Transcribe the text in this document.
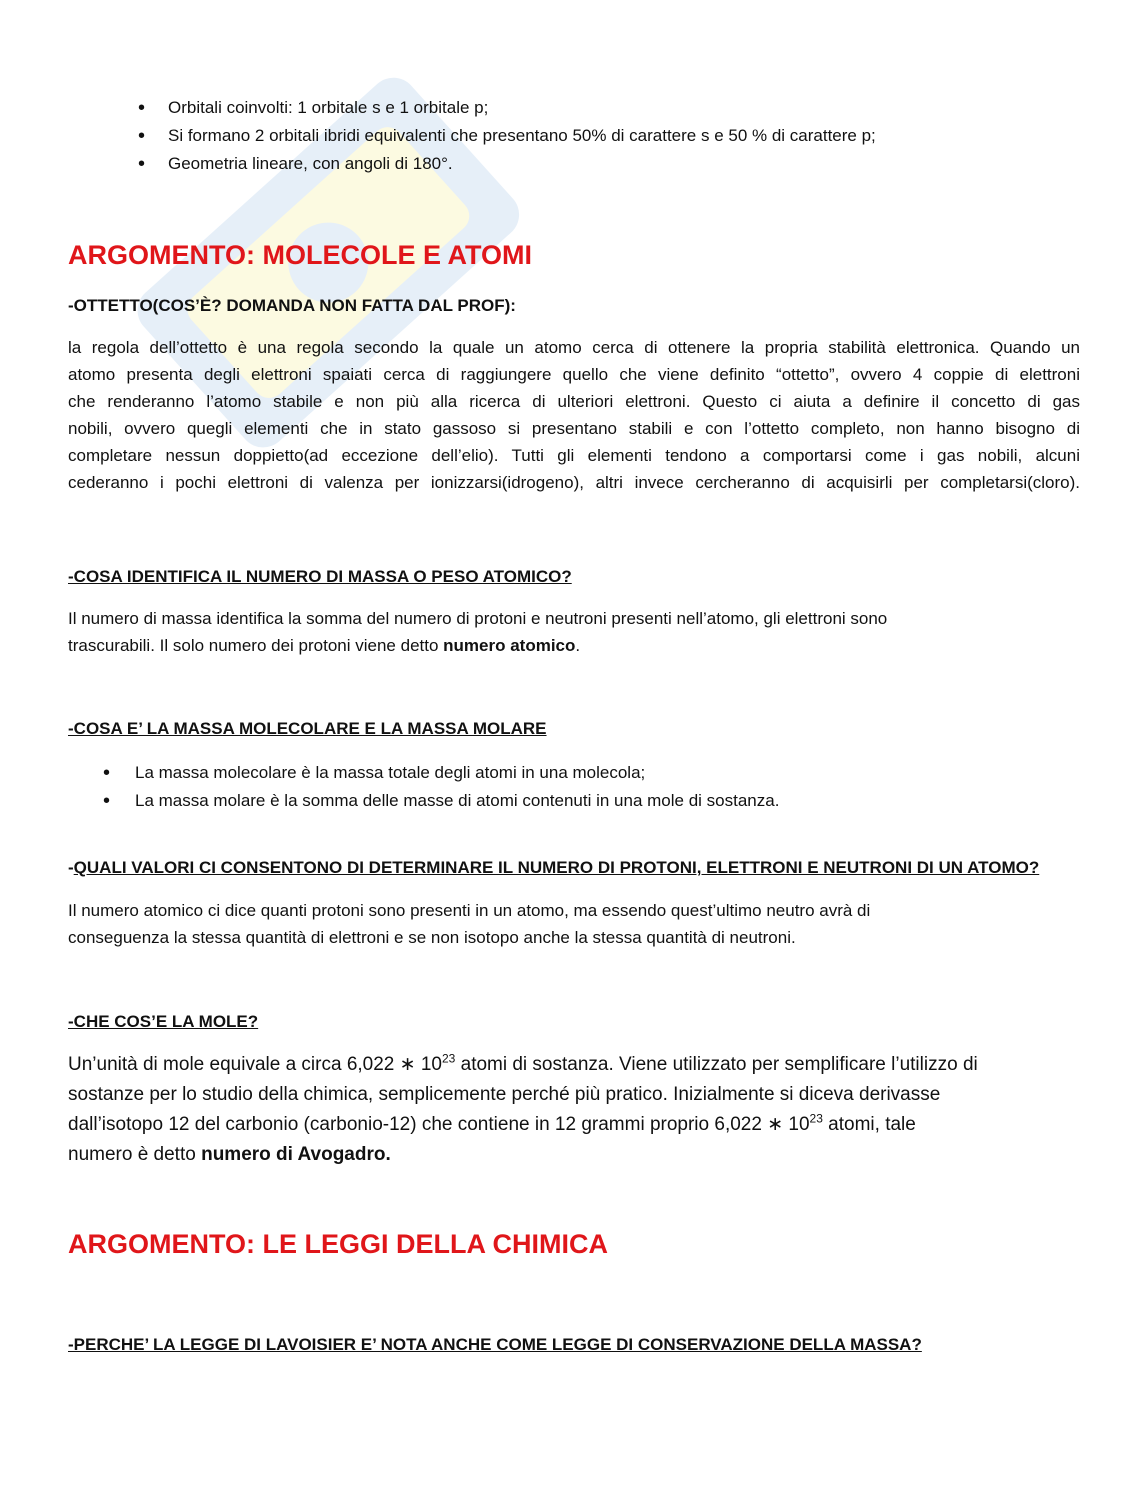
• Orbitali coinvolti: 1 orbitale s e 1 orbitale p;
• Si formano 2 orbitali ibridi equivalenti che presentano 50% di carattere s e 50 % di carattere p;
• Geometria lineare, con angoli di 180°.
ARGOMENTO: MOLECOLE E ATOMI
-OTTETTO(COS’È? DOMANDA NON FATTA DAL PROF):

la regola dell’ottetto è una regola secondo la quale un atomo cerca di ottenere la propria stabilità elettronica. Quando un

atomo presenta degli elettroni spaiati cerca di raggiungere quello che viene definito “ottetto”, ovvero 4 coppie di elettroni

che renderanno l’atomo stabile e non più alla ricerca di ulteriori elettroni. Questo ci aiuta a definire il concetto di gas

nobili, ovvero quegli elementi che in stato gassoso si presentano stabili e con l’ottetto completo, non hanno bisogno di

completare nessun doppietto(ad eccezione dell’elio). Tutti gli elementi tendono a comportarsi come i gas nobili, alcuni

cederanno i pochi elettroni di valenza per ionizzarsi(idrogeno), altri invece cercheranno di acquisirli per completarsi(cloro).

-COSA IDENTIFICA IL NUMERO DI MASSA O PESO ATOMICO?

Il numero di massa identifica la somma del numero di protoni e neutroni presenti nell’atomo, gli elettroni sono

trascurabili. Il solo numero dei protoni viene detto numero atomico.

-COSA E’ LA MASSA MOLECOLARE E LA MASSA MOLARE
• La massa molecolare è la massa totale degli atomi in una molecola;
• La massa molare è la somma delle masse di atomi contenuti in una mole di sostanza.
-QUALI VALORI CI CONSENTONO DI DETERMINARE IL NUMERO DI PROTONI, ELETTRONI E NEUTRONI DI UN ATOMO?

Il numero atomico ci dice quanti protoni sono presenti in un atomo, ma essendo quest’ultimo neutro avrà di

conseguenza la stessa quantità di elettroni e se non isotopo anche la stessa quantità di neutroni.

-CHE COS’E LA MOLE?

Un’unità di mole equivale a circa 6,022 ∗ $10^{23}$ atomi di sostanza. Viene utilizzato per semplificare l’utilizzo di

sostanze per lo studio della chimica, semplicemente perché più pratico. Inizialmente si diceva derivasse

dall’isotopo 12 del carbonio (carbonio-12) che contiene in 12 grammi proprio 6,022 ∗ $10^{23}$ atomi, tale

numero è detto numero di Avogadro.

ARGOMENTO: LE LEGGI DELLA CHIMICA
-PERCHE’ LA LEGGE DI LAVOISIER E’ NOTA ANCHE COME LEGGE DI CONSERVAZIONE DELLA MASSA?
